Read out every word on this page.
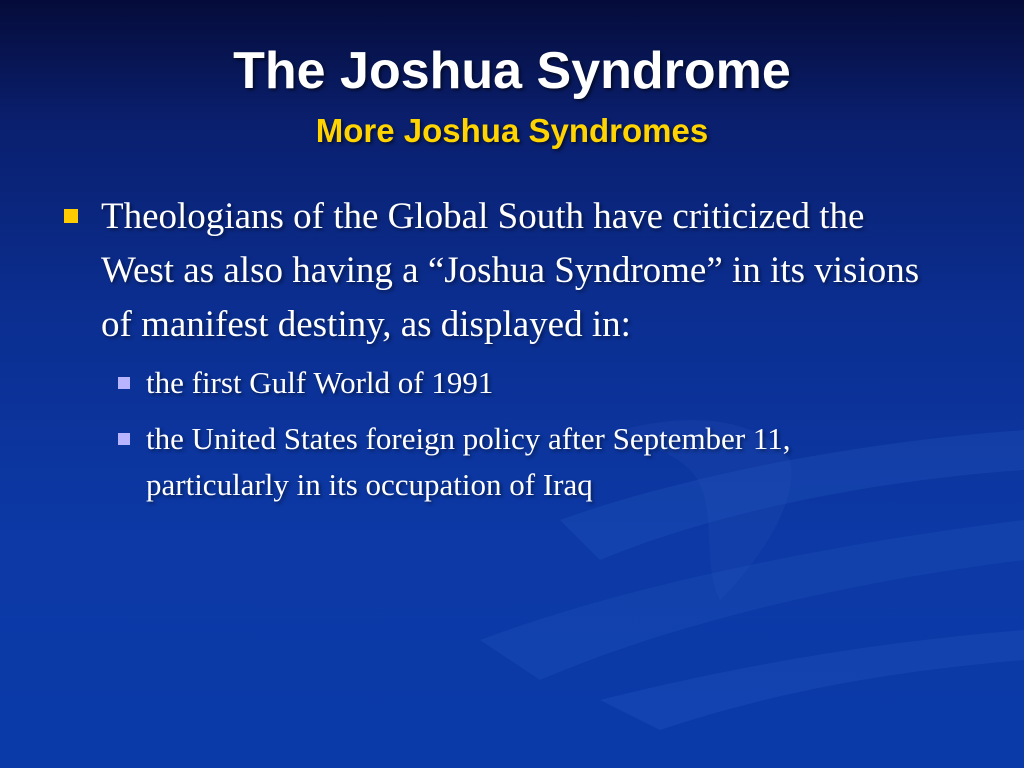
The Joshua Syndrome
More Joshua Syndromes
Theologians of the Global South have criticized the West as also having a “Joshua Syndrome” in its visions of manifest destiny, as displayed in:
the first Gulf World of 1991
the United States foreign policy after September 11, particularly in its occupation of Iraq
